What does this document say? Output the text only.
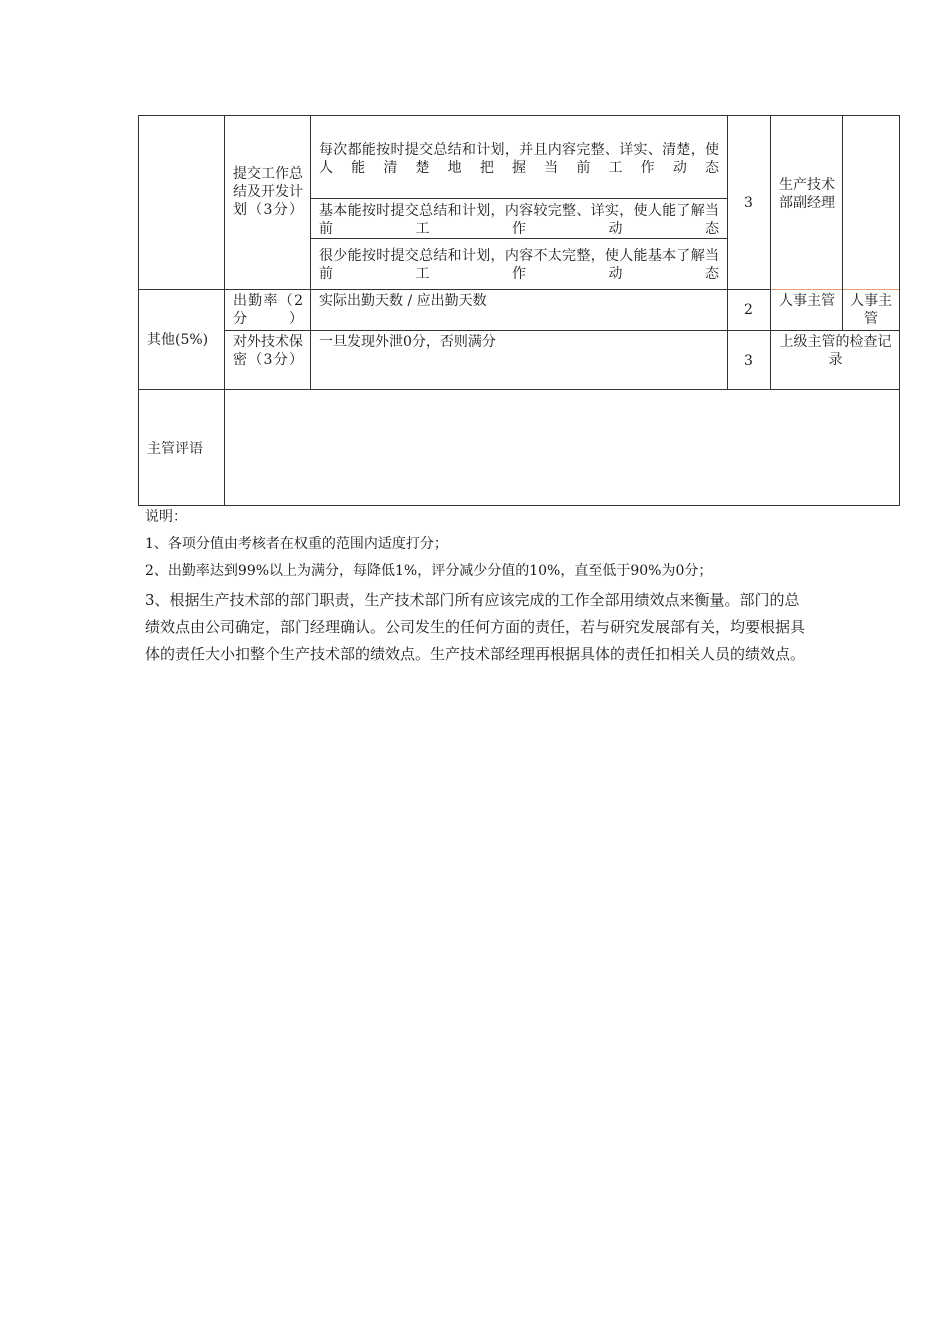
提交工作总结及开发计划（3分）
每次都能按时提交总结和计划，并且内容完整、详实、清楚，使人能清楚地把握当前工作动态
基本能按时提交总结和计划，内容较完整、详实，使人能了解当前工作动态
很少能按时提交总结和计划，内容不太完整，使人能基本了解当前工作动态
3
生产技术部副经理
其他(5%)
出勤率（2分）
实际出勤天数 / 应出勤天数
2
人事主管 人事主管
对外技术保密（3分）
一旦发现外泄0分，否则满分
3
上级主管的检查记录
主管评语

说明：

1、各项分值由考核者在权重的范围内适度打分；

2、出勤率达到99%以上为满分，每降低1%，评分减少分值的10%，直至低于90%为0分；

3、根据生产技术部的部门职责，生产技术部门所有应该完成的工作全部用绩效点来衡量。部门的总绩效点由公司确定，部门经理确认。公司发生的任何方面的责任，若与研究发展部有关，均要根据具体的责任大小扣整个生产技术部的绩效点。生产技术部经理再根据具体的责任扣相关人员的绩效点。
